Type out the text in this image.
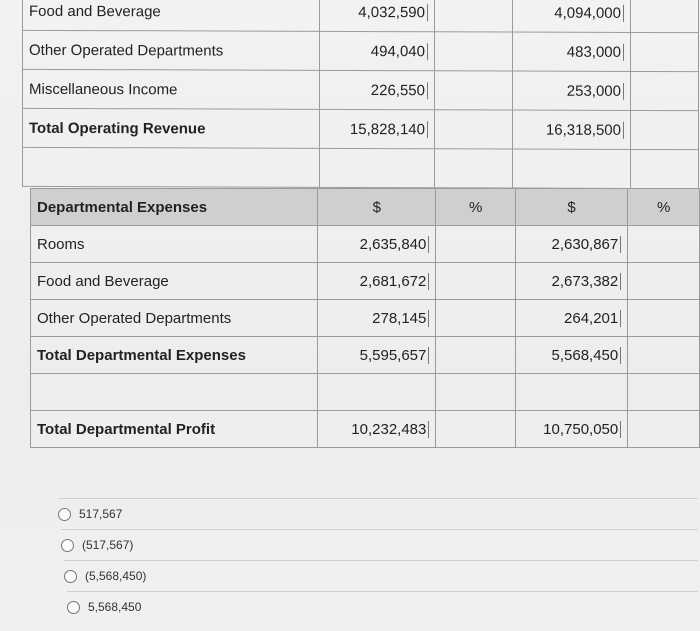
Food and Beverage	4,032,590		4,094,000	
Other Operated Departments	494,040		483,000	
Miscellaneous Income	226,550		253,000	
Total Operating Revenue	15,828,140		16,318,500	

Departmental Expenses	$	%	$	%
Rooms	2,635,840		2,630,867	
Food and Beverage	2,681,672		2,673,382	
Other Operated Departments	278,145		264,201	
Total Departmental Expenses	5,595,657		5,568,450	

Total Departmental Profit	10,232,483		10,750,050	
517,567
(517,567)
(5,568,450)
5,568,450
